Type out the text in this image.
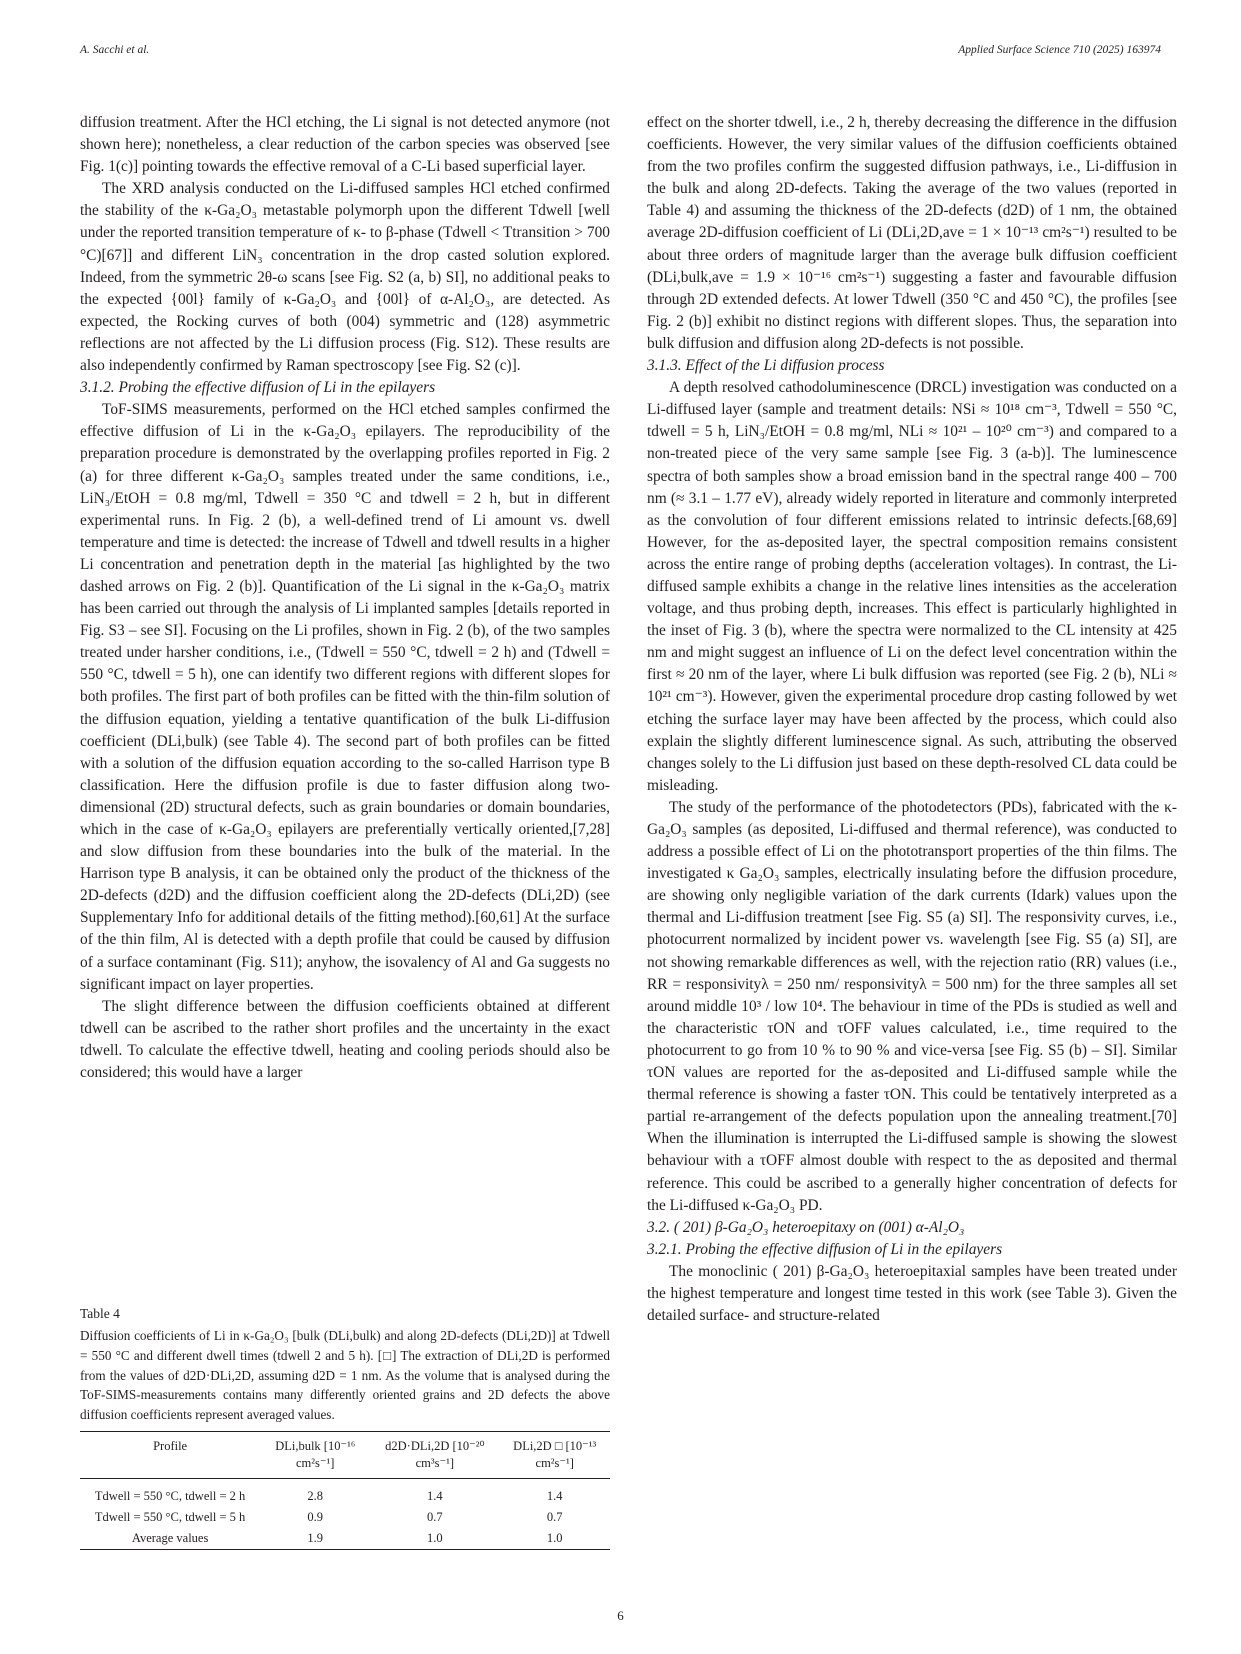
A. Sacchi et al.	Applied Surface Science 710 (2025) 163974

diffusion treatment. After the HCl etching, the Li signal is not detected anymore (not shown here); nonetheless, a clear reduction of the carbon species was observed [see Fig. 1(c)] pointing towards the effective removal of a C-Li based superficial layer.

The XRD analysis conducted on the Li-diffused samples HCl etched confirmed the stability of the κ-Ga₂O₃ metastable polymorph upon the different Tdwell [well under the reported transition temperature of κ- to β-phase (Tdwell < Ttransition > 700 °C)[67]] and different LiN₃ concentration in the drop casted solution explored. Indeed, from the symmetric 2θ-ω scans [see Fig. S2 (a, b) SI], no additional peaks to the expected {00l} family of κ-Ga₂O₃ and {00l} of α-Al₂O₃, are detected. As expected, the Rocking curves of both (004) symmetric and (128) asymmetric reflections are not affected by the Li diffusion process (Fig. S12). These results are also independently confirmed by Raman spectroscopy [see Fig. S2 (c)].

3.1.2. Probing the effective diffusion of Li in the epilayers

ToF-SIMS measurements, performed on the HCl etched samples confirmed the effective diffusion of Li in the κ-Ga₂O₃ epilayers. The reproducibility of the preparation procedure is demonstrated by the overlapping profiles reported in Fig. 2 (a) for three different κ-Ga₂O₃ samples treated under the same conditions, i.e., LiN₃/EtOH = 0.8 mg/ml, Tdwell = 350 °C and tdwell = 2 h, but in different experimental runs. In Fig. 2 (b), a well-defined trend of Li amount vs. dwell temperature and time is detected: the increase of Tdwell and tdwell results in a higher Li concentration and penetration depth in the material [as highlighted by the two dashed arrows on Fig. 2 (b)]. Quantification of the Li signal in the κ-Ga₂O₃ matrix has been carried out through the analysis of Li implanted samples [details reported in Fig. S3 – see SI]. Focusing on the Li profiles, shown in Fig. 2 (b), of the two samples treated under harsher conditions, i.e., (Tdwell = 550 °C, tdwell = 2 h) and (Tdwell = 550 °C, tdwell = 5 h), one can identify two different regions with different slopes for both profiles. The first part of both profiles can be fitted with the thin-film solution of the diffusion equation, yielding a tentative quantification of the bulk Li-diffusion coefficient (DLi,bulk) (see Table 4). The second part of both profiles can be fitted with a solution of the diffusion equation according to the so-called Harrison type B classification. Here the diffusion profile is due to faster diffusion along two-dimensional (2D) structural defects, such as grain boundaries or domain boundaries, which in the case of κ-Ga₂O₃ epilayers are preferentially vertically oriented,[7,28] and slow diffusion from these boundaries into the bulk of the material. In the Harrison type B analysis, it can be obtained only the product of the thickness of the 2D-defects (d2D) and the diffusion coefficient along the 2D-defects (DLi,2D) (see Supplementary Info for additional details of the fitting method).[60,61] At the surface of the thin film, Al is detected with a depth profile that could be caused by diffusion of a surface contaminant (Fig. S11); anyhow, the isovalency of Al and Ga suggests no significant impact on layer properties.

The slight difference between the diffusion coefficients obtained at different tdwell can be ascribed to the rather short profiles and the uncertainty in the exact tdwell. To calculate the effective tdwell, heating and cooling periods should also be considered; this would have a larger

Table 4
Diffusion coefficients of Li in κ-Ga₂O₃ [bulk (DLi,bulk) and along 2D-defects (DLi,2D)] at Tdwell = 550 °C and different dwell times (tdwell 2 and 5 h). [□] The extraction of DLi,2D is performed from the values of d2D·DLi,2D, assuming d2D = 1 nm. As the volume that is analysed during the ToF-SIMS-measurements contains many differently oriented grains and 2D defects the above diffusion coefficients represent averaged values.
Profile	DLi,bulk [10⁻¹⁶ cm²s⁻¹]	d2D·DLi,2D [10⁻²⁰ cm³s⁻¹]	DLi,2D □ [10⁻¹³ cm²s⁻¹]
Tdwell = 550 °C, tdwell = 2 h	2.8	1.4	1.4
Tdwell = 550 °C, tdwell = 5 h	0.9	0.7	0.7
Average values	1.9	1.0	1.0

effect on the shorter tdwell, i.e., 2 h, thereby decreasing the difference in the diffusion coefficients. However, the very similar values of the diffusion coefficients obtained from the two profiles confirm the suggested diffusion pathways, i.e., Li-diffusion in the bulk and along 2D-defects. Taking the average of the two values (reported in Table 4) and assuming the thickness of the 2D-defects (d2D) of 1 nm, the obtained average 2D-diffusion coefficient of Li (DLi,2D,ave = 1 × 10⁻¹³ cm²s⁻¹) resulted to be about three orders of magnitude larger than the average bulk diffusion coefficient (DLi,bulk,ave = 1.9 × 10⁻¹⁶ cm²s⁻¹) suggesting a faster and favourable diffusion through 2D extended defects. At lower Tdwell (350 °C and 450 °C), the profiles [see Fig. 2 (b)] exhibit no distinct regions with different slopes. Thus, the separation into bulk diffusion and diffusion along 2D-defects is not possible.

3.1.3. Effect of the Li diffusion process

A depth resolved cathodoluminescence (DRCL) investigation was conducted on a Li-diffused layer (sample and treatment details: NSi ≈ 10¹⁸ cm⁻³, Tdwell = 550 °C, tdwell = 5 h, LiN₃/EtOH = 0.8 mg/ml, NLi ≈ 10²¹ – 10²⁰ cm⁻³) and compared to a non-treated piece of the very same sample [see Fig. 3 (a-b)]. The luminescence spectra of both samples show a broad emission band in the spectral range 400 – 700 nm (≈ 3.1 – 1.77 eV), already widely reported in literature and commonly interpreted as the convolution of four different emissions related to intrinsic defects.[68,69] However, for the as-deposited layer, the spectral composition remains consistent across the entire range of probing depths (acceleration voltages). In contrast, the Li-diffused sample exhibits a change in the relative lines intensities as the acceleration voltage, and thus probing depth, increases. This effect is particularly highlighted in the inset of Fig. 3 (b), where the spectra were normalized to the CL intensity at 425 nm and might suggest an influence of Li on the defect level concentration within the first ≈ 20 nm of the layer, where Li bulk diffusion was reported (see Fig. 2 (b), NLi ≈ 10²¹ cm⁻³). However, given the experimental procedure drop casting followed by wet etching the surface layer may have been affected by the process, which could also explain the slightly different luminescence signal. As such, attributing the observed changes solely to the Li diffusion just based on these depth-resolved CL data could be misleading.

The study of the performance of the photodetectors (PDs), fabricated with the κ-Ga₂O₃ samples (as deposited, Li-diffused and thermal reference), was conducted to address a possible effect of Li on the phototransport properties of the thin films. The investigated κ Ga₂O₃ samples, electrically insulating before the diffusion procedure, are showing only negligible variation of the dark currents (Idark) values upon the thermal and Li-diffusion treatment [see Fig. S5 (a) SI]. The responsivity curves, i.e., photocurrent normalized by incident power vs. wavelength [see Fig. S5 (a) SI], are not showing remarkable differences as well, with the rejection ratio (RR) values (i.e., RR = responsivityλ = 250 nm/ responsivityλ = 500 nm) for the three samples all set around middle 10³ / low 10⁴. The behaviour in time of the PDs is studied as well and the characteristic τON and τOFF values calculated, i.e., time required to the photocurrent to go from 10 % to 90 % and vice-versa [see Fig. S5 (b) – SI]. Similar τON values are reported for the as-deposited and Li-diffused sample while the thermal reference is showing a faster τON. This could be tentatively interpreted as a partial re-arrangement of the defects population upon the annealing treatment.[70] When the illumination is interrupted the Li-diffused sample is showing the slowest behaviour with a τOFF almost double with respect to the as deposited and thermal reference. This could be ascribed to a generally higher concentration of defects for the Li-diffused κ-Ga₂O₃ PD.

3.2. ( 201) β-Ga₂O₃ heteroepitaxy on (001) α-Al₂O₃

3.2.1. Probing the effective diffusion of Li in the epilayers

The monoclinic ( 201) β-Ga₂O₃ heteroepitaxial samples have been treated under the highest temperature and longest time tested in this work (see Table 3). Given the detailed surface- and structure-related

6
